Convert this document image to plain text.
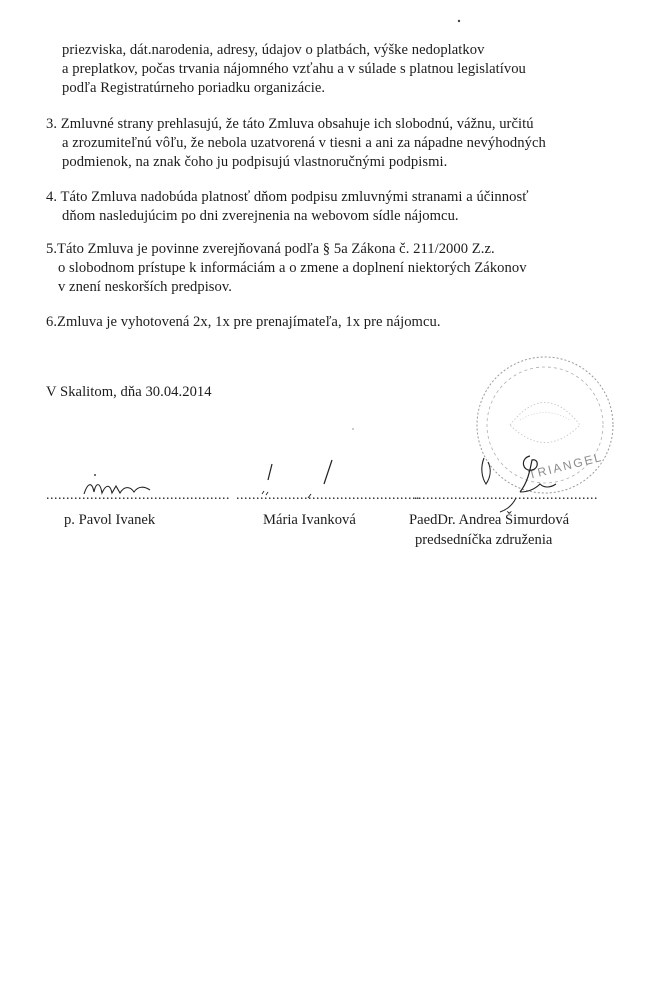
priezviska, dát.narodenia, adresy, údajov o platbách, výške nedoplatkov
a preplatkov, počas trvania nájomného vzťahu a v súlade s platnou legislatívou
podľa Registratúrneho poriadku organizácie.
3. Zmluvné strany prehlasujú, že táto Zmluva obsahuje ich slobodnú, vážnu, určitú
a zrozumiteľnú vôľu, že nebola uzatvorená v tiesni a ani za nápadne nevýhodných
podmienok, na znak čoho ju podpisujú vlastnoručnými podpismi.
4. Táto Zmluva nadobúda platnosť dňom podpisu zmluvnými stranami a účinnosť
dňom nasledujúcim po dni zverejnenia na webovom sídle nájomcu.
5.Táto Zmluva je povinne zverejňovaná podľa § 5a Zákona č. 211/2000 Z.z.
o slobodnom prístupe k informáciám a o zmene a doplnení niektorých Zákonov
v znení neskorších predpisov.
6.Zmluva je vyhotovená 2x, 1x pre prenajímateľa, 1x pre nájomcu.
V Skalitom, dňa 30.04.2014
TRIANGEL
..............................................
p. Pavol Ivanek
..............................................
Mária Ivanková
..............................................
PaedDr. Andrea Šimurdová
predsedníčka združenia
